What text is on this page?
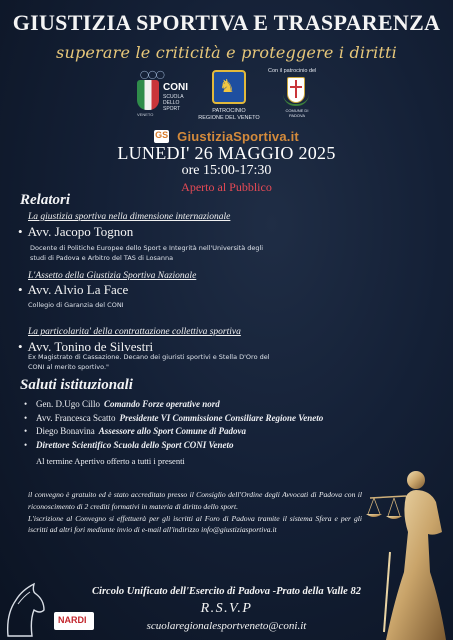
GIUSTIZIA SPORTIVA E TRASPARENZA
superare le criticità e proteggere i diritti
◯◯◯
CONI
SCUOLA DELLO SPORT
VENETO
♞
PATROCINIO
REGIONE DEL VENETO
Con il patrocinio del
COMUNE DI
PADOVA
GS GiustiziaSportiva.it
LUNEDI' 26 MAGGIO 2025
ore 15:00-17:30
Aperto al Pubblico
Relatori
La giustizia sportiva nella dimensione internazionale
• Avv. Jacopo Tognon
Docente di Politiche Europee dello Sport e Integrità nell'Università degli
studi di Padova e Arbitro del TAS di Losanna
L'Assetto della Giustizia Sportiva Nazionale
• Avv. Alvio La Face
Collegio di Garanzia del CONI
La particolarita' della contrattazione collettiva sportiva
• Avv. Tonino de Silvestri
Ex Magistrato di Cassazione. Decano dei giuristi sportivi e Stella D'Oro del
CONI al merito sportivo."
Saluti istituzionali
• Gen. D.Ugo Cillo Comando Forze operative nord
• Avv. Francesca Scatto Presidente VI Commissione Consiliare Regione Veneto
• Diego Bonavina Assessore allo Sport Comune di Padova
• Direttore Scientifico Scuola dello Sport CONI Veneto
Al termine Apertivo offerto a tutti i presenti

il convegno è gratuito ed è stato accreditato presso il Consiglio dell'Ordine degli Avvocati di Padova con il riconoscimento di 2 crediti formativi in materia di diritto dello sport.

L'iscrizione al Convegno si effettuerà per gli iscritti al Foro di Padova tramite il sistema Sfera e per gli iscritti ad altri fori mediante invio di e-mail all'indirizzo info@giustiziasportiva.it

NARDI
Circolo Unificato dell'Esercito di Padova -Prato della Valle 82
R.S.V.P
scuolaregionalesportveneto@coni.it
